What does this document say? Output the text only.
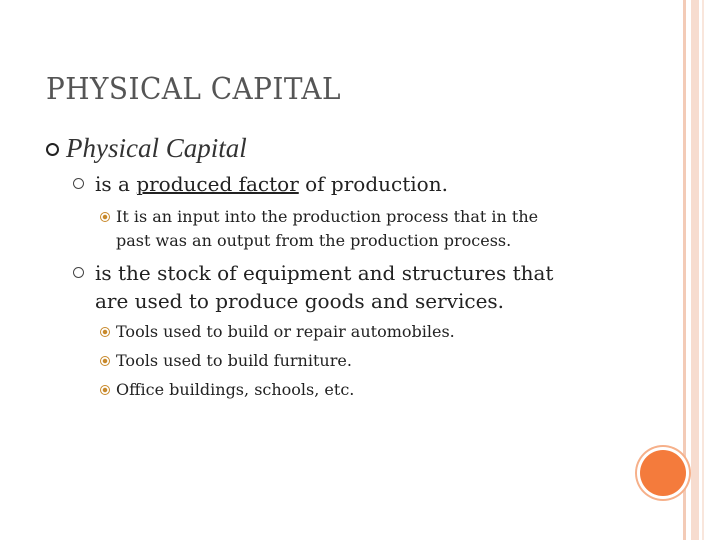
PHYSICAL CAPITAL
Physical Capital
is a produced factor of production.
It is an input into the production process that in the
past was an output from the production process.
is the stock of equipment and structures that
are used to produce goods and services.
Tools used to build or repair automobiles.
Tools used to build furniture.
Office buildings, schools, etc.
